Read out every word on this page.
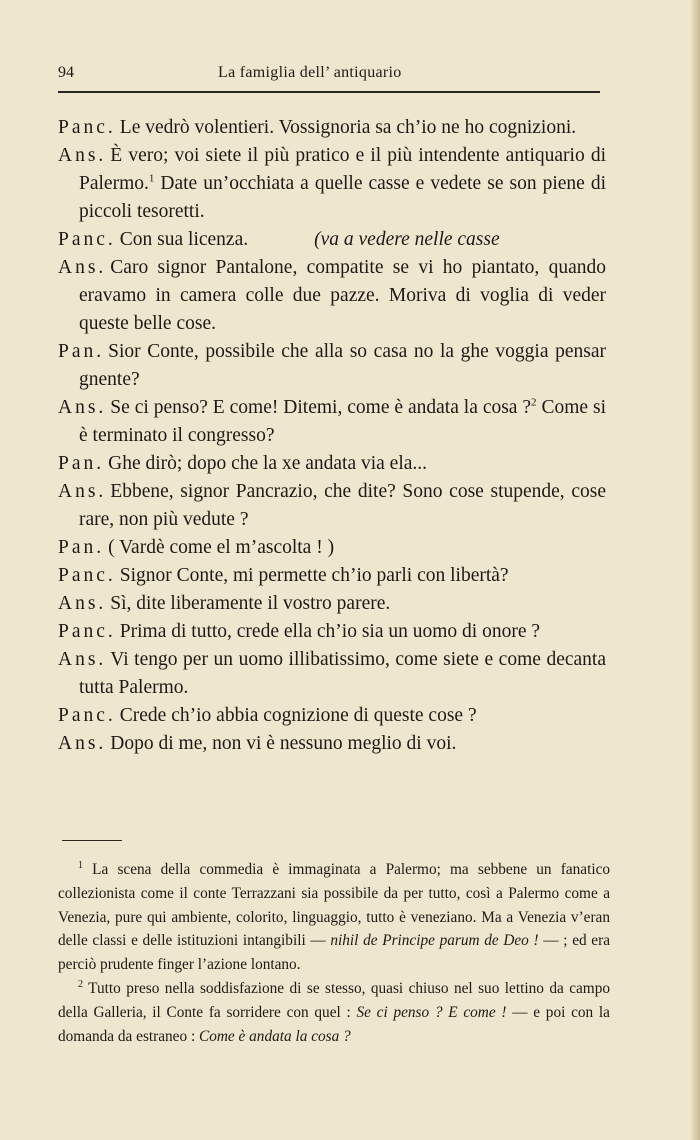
94	La famiglia dell’ antiquario

Panc. Le vedrò volentieri. Vossignoria sa ch’io ne ho cognizioni.

Ans. È vero; voi siete il più pratico e il più intendente antiquario di Palermo.$^1$ Date un’occhiata a quelle casse e vedete se son piene di piccoli tesoretti.

Panc. Con sua licenza.	(va a vedere nelle casse

Ans. Caro signor Pantalone, compatite se vi ho piantato, quando eravamo in camera colle due pazze. Moriva di voglia di veder queste belle cose.

Pan. Sior Conte, possibile che alla so casa no la ghe voggia pensar gnente?

Ans. Se ci penso? E come! Ditemi, come è andata la cosa ?$^2$ Come si è terminato il congresso?

Pan. Ghe dirò; dopo che la xe andata via ela...

Ans. Ebbene, signor Pancrazio, che dite? Sono cose stupende, cose rare, non più vedute ?

Pan. ( Vardè come el m’ascolta ! )

Panc. Signor Conte, mi permette ch’io parli con libertà?

Ans. Sì, dite liberamente il vostro parere.

Panc. Prima di tutto, crede ella ch’io sia un uomo di onore ?

Ans. Vi tengo per un uomo illibatissimo, come siete e come decanta tutta Palermo.

Panc. Crede ch’io abbia cognizione di queste cose ?

Ans. Dopo di me, non vi è nessuno meglio di voi.

$^1$ La scena della commedia è immaginata a Palermo; ma sebbene un fanatico collezionista come il conte Terrazzani sia possibile da per tutto, così a Palermo come a Venezia, pure qui ambiente, colorito, linguaggio, tutto è veneziano. Ma a Venezia v’eran delle classi e delle istituzioni intangibili — nihil de Principe parum de Deo ! — ; ed era perciò prudente finger l’azione lontano.

$^2$ Tutto preso nella soddisfazione di se stesso, quasi chiuso nel suo lettino da campo della Galleria, il Conte fa sorridere con quel : Se ci penso ? E come ! — e poi con la domanda da estraneo : Come è andata la cosa ?
